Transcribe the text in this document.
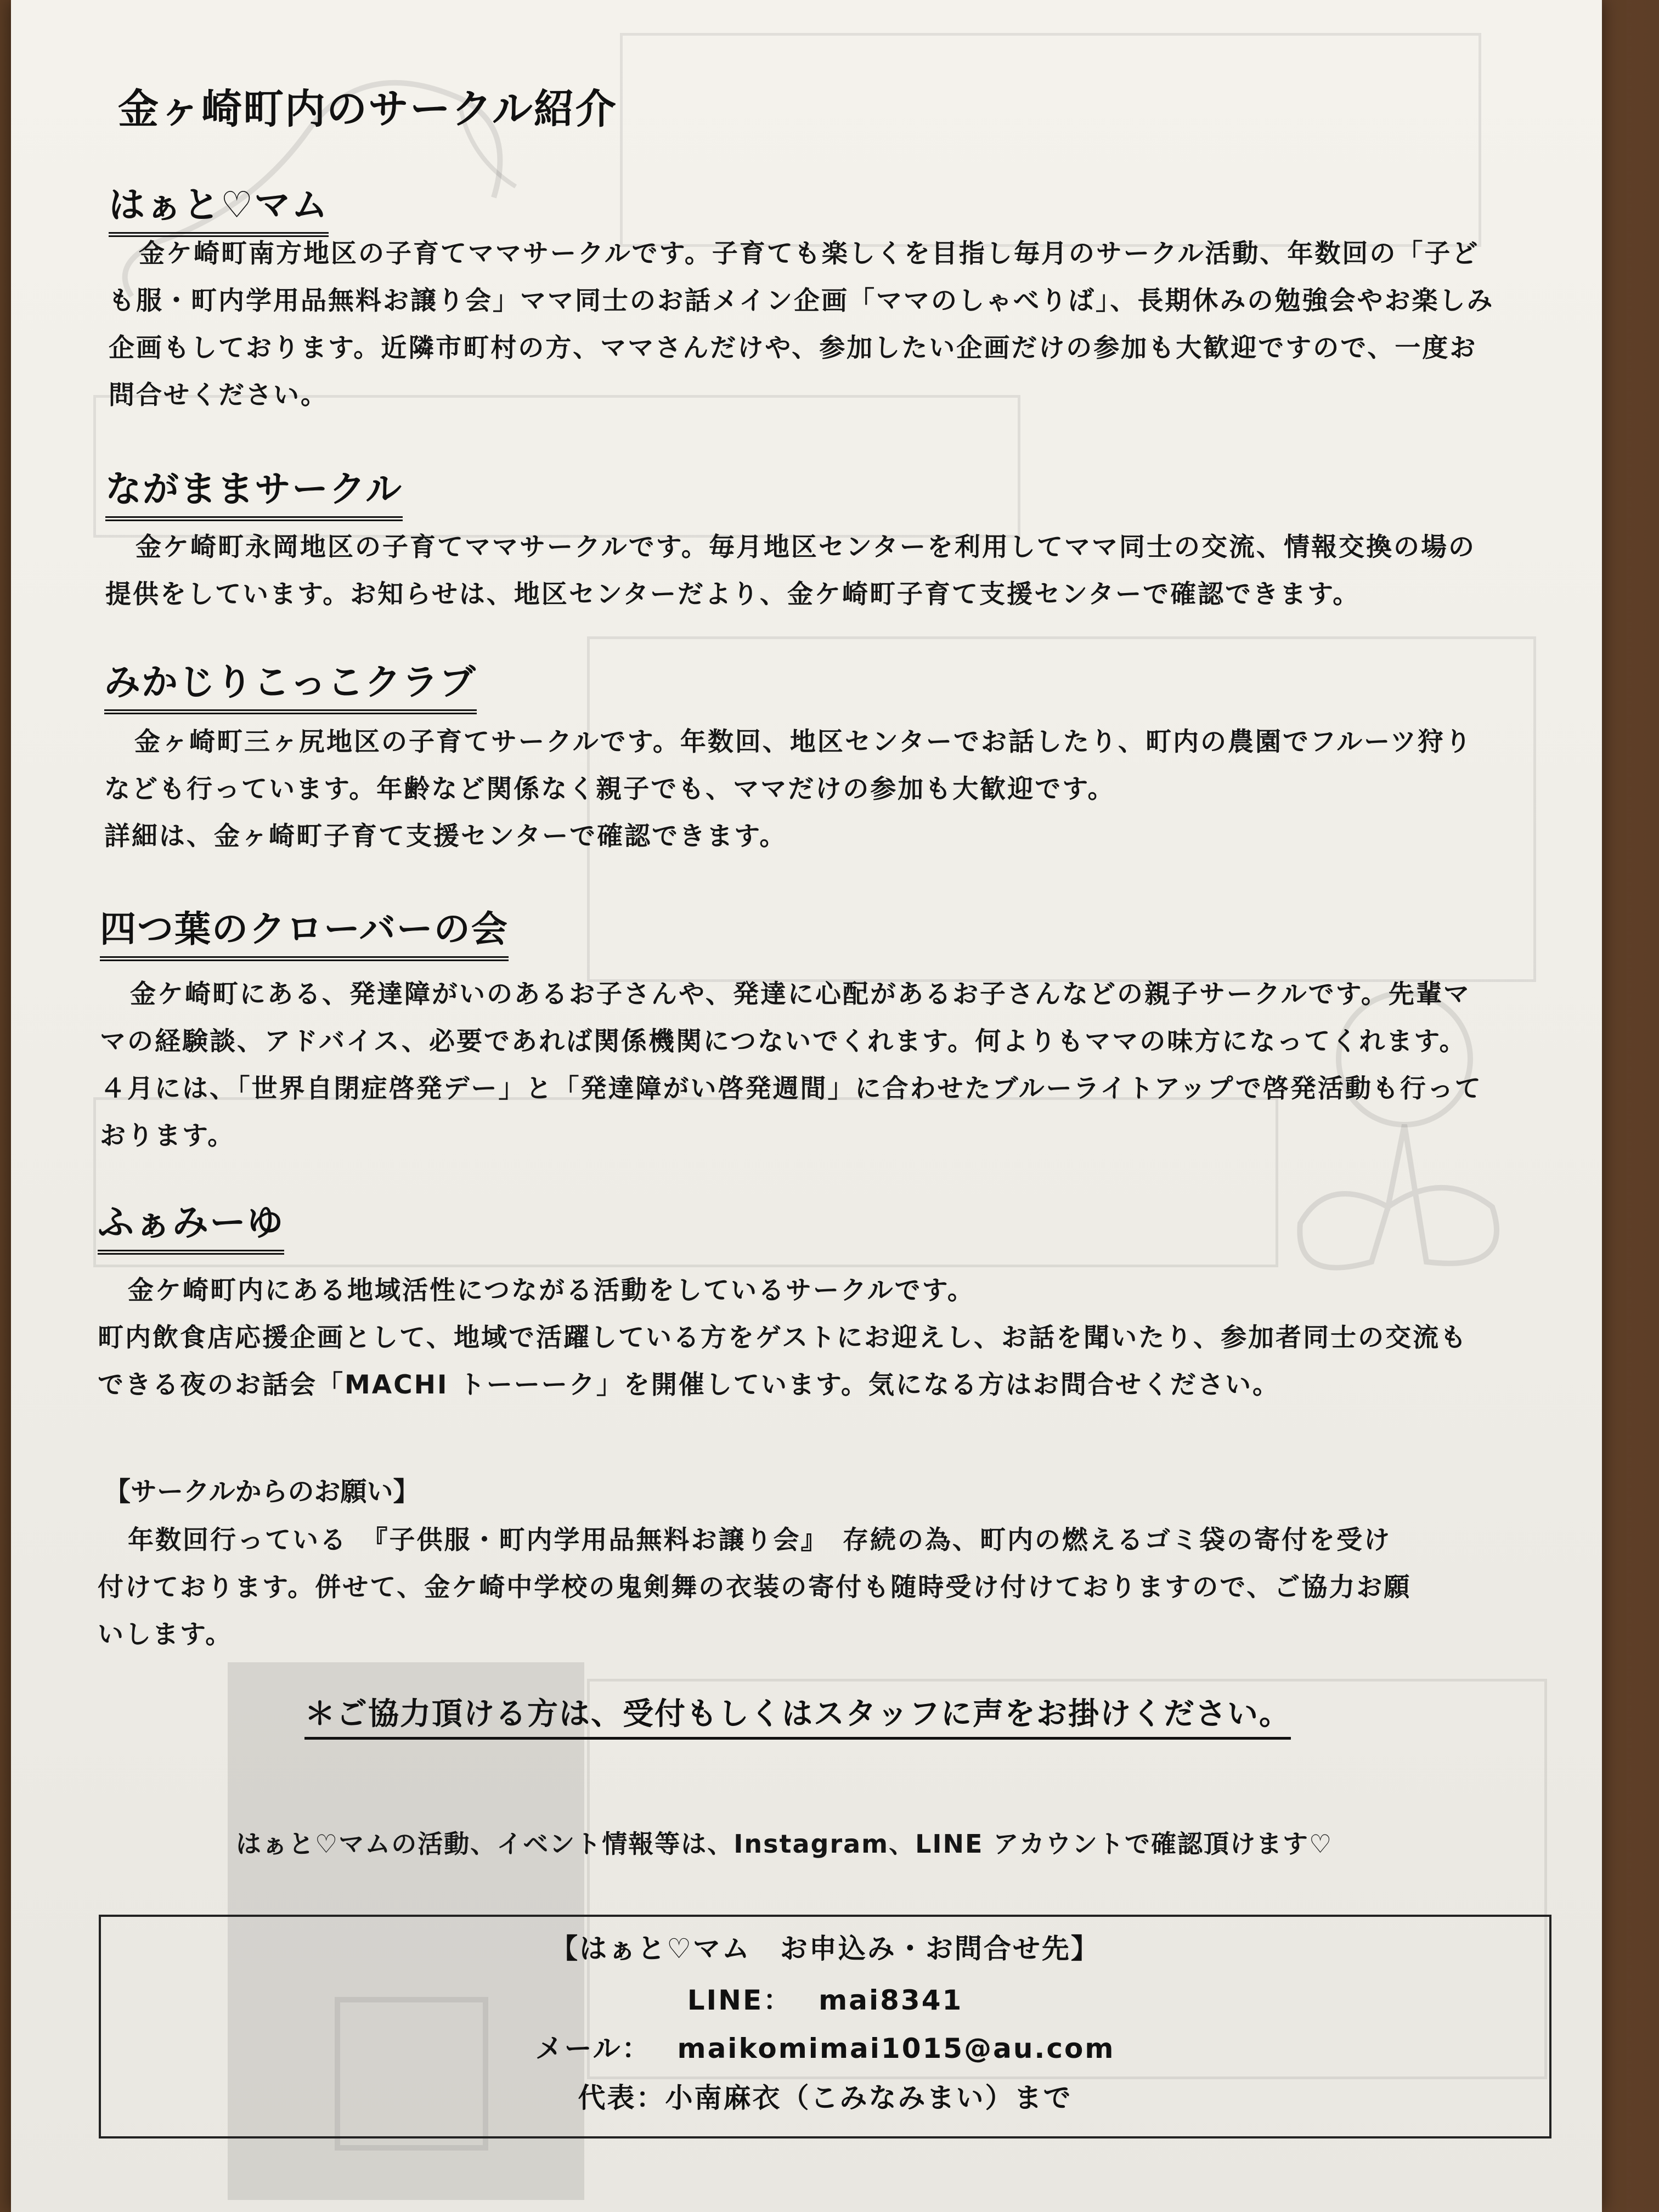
金ヶ崎町内のサークル紹介
はぁと♡マム

金ケ崎町南方地区の子育てママサークルです。子育ても楽しくを目指し毎月のサークル活動、年数回の「子ど

も服・町内学用品無料お譲り会」ママ同士のお話メイン企画「ママのしゃべりば」、長期休みの勉強会やお楽しみ

企画もしております。近隣市町村の方、ママさんだけや、参加したい企画だけの参加も大歓迎ですので、一度お

問合せください。

ながままサークル

金ケ崎町永岡地区の子育てママサークルです。毎月地区センターを利用してママ同士の交流、情報交換の場の

提供をしています。お知らせは、地区センターだより、金ケ崎町子育て支援センターで確認できます。

みかじりこっこクラブ

金ヶ崎町三ヶ尻地区の子育てサークルです。年数回、地区センターでお話したり、町内の農園でフルーツ狩り

なども行っています。年齢など関係なく親子でも、ママだけの参加も大歓迎です。

詳細は、金ヶ崎町子育て支援センターで確認できます。

四つ葉のクローバーの会

金ケ崎町にある、発達障がいのあるお子さんや、発達に心配があるお子さんなどの親子サークルです。先輩マ

マの経験談、アドバイス、必要であれば関係機関につないでくれます。何よりもママの味方になってくれます。

４月には、「世界自閉症啓発デー」と「発達障がい啓発週間」に合わせたブルーライトアップで啓発活動も行って

おります。

ふぁみーゆ

金ケ崎町内にある地域活性につながる活動をしているサークルです。

町内飲食店応援企画として、地域で活躍している方をゲストにお迎えし、お話を聞いたり、参加者同士の交流も

できる夜のお話会「MACHI トーーーク」を開催しています。気になる方はお問合せください。

【サークルからのお願い】

年数回行っている　『子供服・町内学用品無料お譲り会』　存続の為、町内の燃えるゴミ袋の寄付を受け

付けております。併せて、金ケ崎中学校の鬼剣舞の衣装の寄付も随時受け付けておりますので、ご協力お願

いします。

＊ご協力頂ける方は、受付もしくはスタッフに声をお掛けください。
はぁと♡マムの活動、イベント情報等は、Instagram、LINE アカウントで確認頂けます♡
【はぁと♡マム　お申込み・お問合せ先】
LINE： mai8341
メール： maikomimai1015@au.com
代表：小南麻衣（こみなみまい）まで
